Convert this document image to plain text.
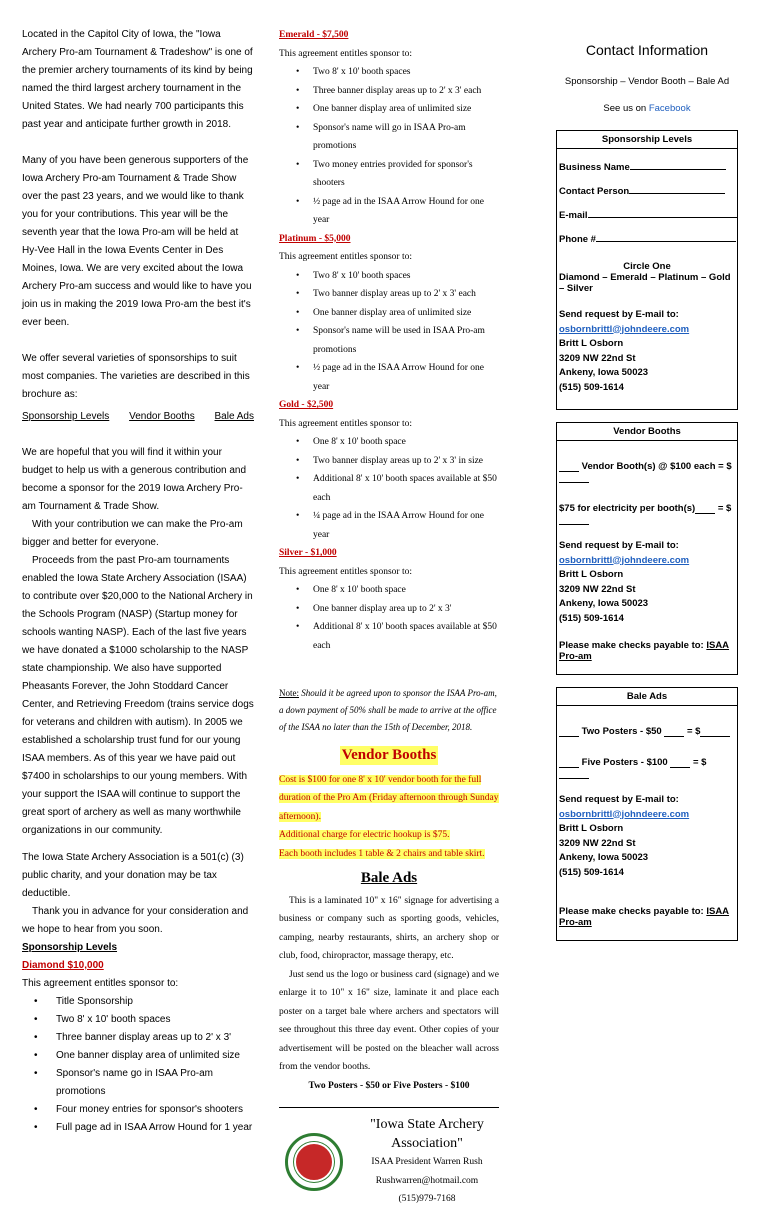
Located in the Capitol City of Iowa, the "Iowa Archery Pro-am Tournament & Tradeshow" is one of the premier archery tournaments of its kind by being named the third largest archery tournament in the United States. We had nearly 700 participants this past year and anticipate further growth in 2018.

Many of you have been generous supporters of the Iowa Archery Pro-am Tournament & Trade Show over the past 23 years, and we would like to thank you for your contributions. This year will be the seventh year that the Iowa Pro-am will be held at Hy-Vee Hall in the Iowa Events Center in Des Moines, Iowa. We are very excited about the Iowa Archery Pro-am success and would like to have you join us in making the 2019 Iowa Pro-am the best it's ever been.

We offer several varieties of sponsorships to suit most companies. The varieties are described in this brochure as:

Sponsorship Levels Vendor Booths Bale Ads

We are hopeful that you will find it within your budget to help us with a generous contribution and become a sponsor for the 2019 Iowa Archery Pro-am Tournament & Trade Show.

With your contribution we can make the Pro-am bigger and better for everyone.

Proceeds from the past Pro-am tournaments enabled the Iowa State Archery Association (ISAA) to contribute over $20,000 to the National Archery in the Schools Program (NASP) (Startup money for schools wanting NASP). Each of the last five years we have donated a $1000 scholarship to the NASP state championship. We also have supported Pheasants Forever, the John Stoddard Cancer Center, and Retrieving Freedom (trains service dogs for veterans and children with autism). In 2005 we established a scholarship trust fund for our young ISAA members. As of this year we have paid out $7400 in scholarships to our young members. With your support the ISAA will continue to support the great sport of archery as well as many worthwhile organizations in our community.

The Iowa State Archery Association is a 501(c) (3) public charity, and your donation may be tax deductible.

Thank you in advance for your consideration and we hope to hear from you soon.

Sponsorship Levels

Diamond $10,000

This agreement entitles sponsor to:

• Title Sponsorship
• Two 8' x 10' booth spaces
• Three banner display areas up to 2' x 3'
• One banner display area of unlimited size
• Sponsor's name go in ISAA Pro-am promotions
• Four money entries for sponsor's shooters
• Full page ad in ISAA Arrow Hound for 1 year

Emerald - $7,500

This agreement entitles sponsor to:

• Two 8' x 10' booth spaces
• Three banner display areas up to 2' x 3' each
• One banner display area of unlimited size
• Sponsor's name will go in ISAA Pro-am promotions
• Two money entries provided for sponsor's shooters
• ½ page ad in the ISAA Arrow Hound for one year

Platinum - $5,000

This agreement entitles sponsor to:

• Two 8' x 10' booth spaces
• Two banner display areas up to 2' x 3' each
• One banner display area of unlimited size
• Sponsor's name will be used in ISAA Pro-am promotions
• ½ page ad in the ISAA Arrow Hound for one year

Gold - $2,500

This agreement entitles sponsor to:

• One 8' x 10' booth space
• Two banner display areas up to 2' x 3' in size
• Additional 8' x 10' booth spaces available at $50 each
• ¼ page ad in the ISAA Arrow Hound for one year

Silver - $1,000

This agreement entitles sponsor to:

• One 8' x 10' booth space
• One banner display area up to 2' x 3'
• Additional 8' x 10' booth spaces available at $50 each

Note: Should it be agreed upon to sponsor the ISAA Pro-am, a down payment of 50% shall be made to arrive at the office of the ISAA no later than the 15th of December, 2018.

Vendor Booths

Cost is $100 for one 8' x 10' vendor booth for the full duration of the Pro Am (Friday afternoon through Sunday afternoon).
Additional charge for electric hookup is $75.
Each booth includes 1 table & 2 chairs and table skirt.

Bale Ads

This is a laminated 10" x 16" signage for advertising a business or company such as sporting goods, vehicles, camping, nearby restaurants, shirts, an archery shop or club, food, chiropractor, massage therapy, etc.

Just send us the logo or business card (signage) and we enlarge it to 10" x 16" size, laminate it and place each poster on a target bale where archers and spectators will see throughout this three day event. Other copies of your advertisement will be posted on the bleacher wall across from the vendor booths.

Two Posters - $50 or Five Posters - $100

"Iowa State Archery Association"
ISAA President Warren Rush
Rushwarren@hotmail.com
(515)979-7168
Contact Information
Sponsorship – Vendor Booth – Bale Ad
See us on Facebook
Sponsorship Levels
Business Name
Contact Person
E-mail
Phone #
Circle One
Diamond – Emerald – Platinum – Gold – Silver
Send request by E-mail to:
osbornbrittl@johndeere.com
Britt L Osborn
3209 NW 22nd St
Ankeny, Iowa 50023
(515) 509-1614
Vendor Booths
Vendor Booth(s) @ $100 each = $
$75 for electricity per booth(s) = $
Send request by E-mail to:
osbornbrittl@johndeere.com
Britt L Osborn
3209 NW 22nd St
Ankeny, Iowa 50023
(515) 509-1614
Please make checks payable to: ISAA Pro-am
Bale Ads
Two Posters - $50	= $
Five Posters - $100	= $
Send request by E-mail to:
osbornbrittl@johndeere.com
Britt L Osborn
3209 NW 22nd St
Ankeny, Iowa 50023
(515) 509-1614
Please make checks payable to: ISAA Pro-am
